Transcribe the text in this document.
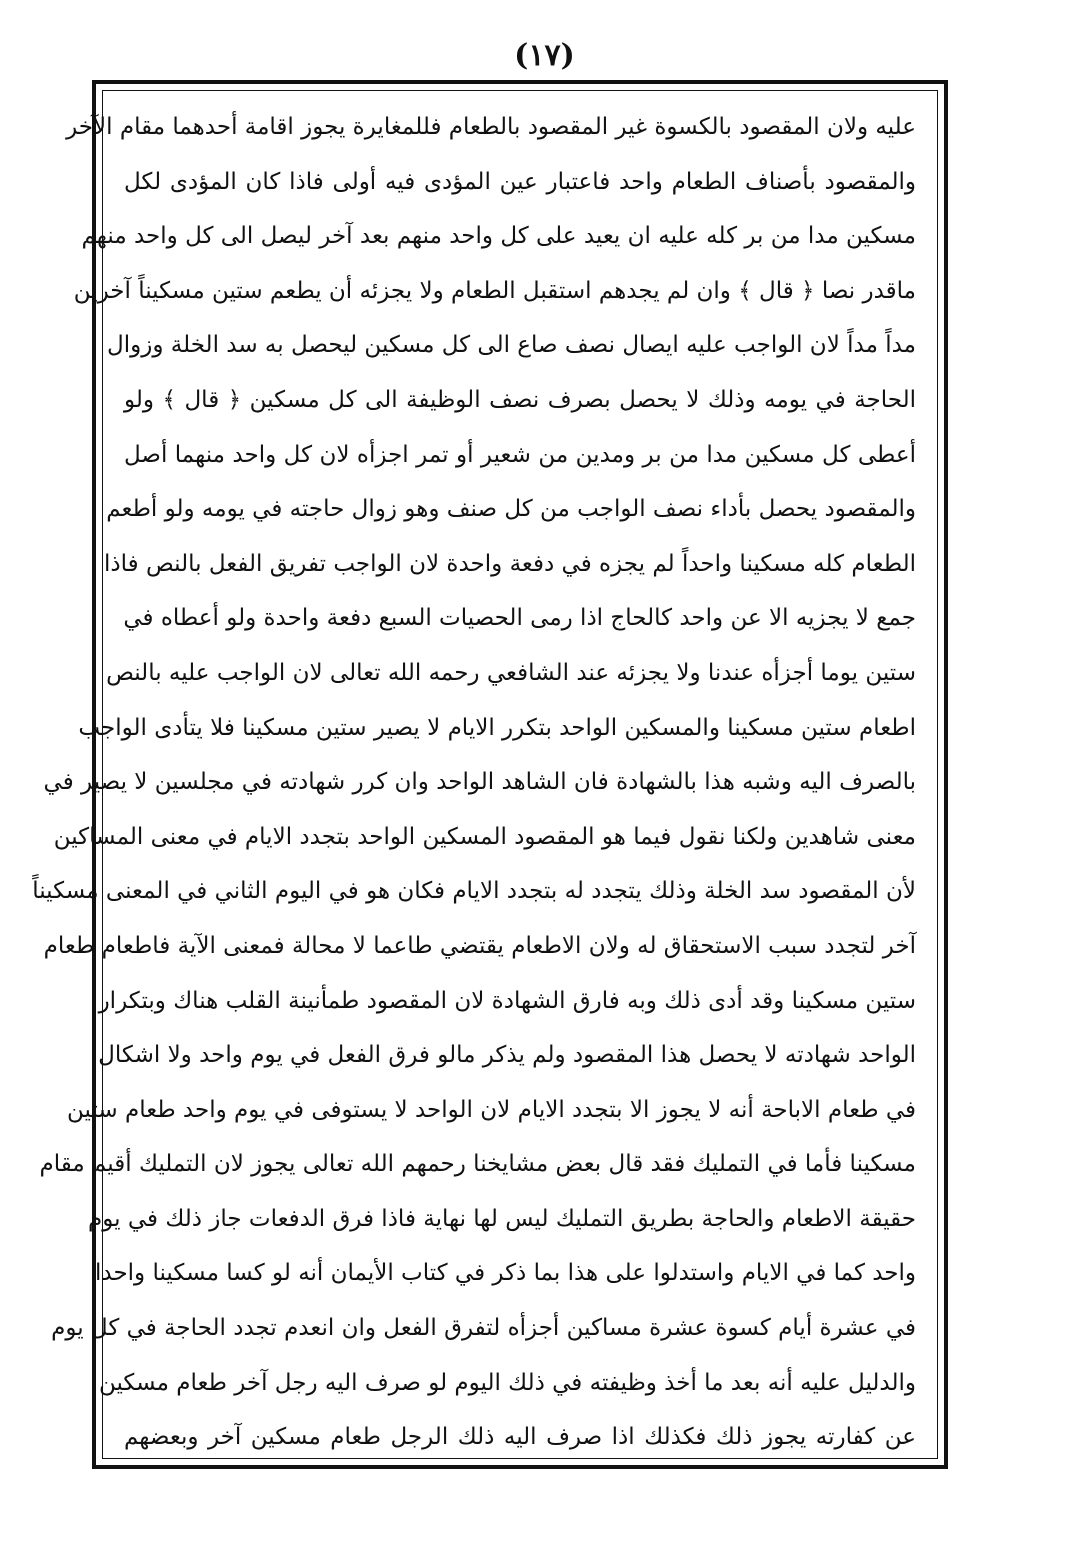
(١٧)
عليه ولان المقصود بالكسوة غير المقصود بالطعام فللمغايرة يجوز اقامة أحدهما مقام الآخر
والمقصود بأصناف الطعام واحد فاعتبار عين المؤدى فيه أولى فاذا كان المؤدى لكل
مسكين مدا من بر كله عليه ان يعيد على كل واحد منهم بعد آخر ليصل الى كل واحد منهم
ماقدر نصا ﴿ قال ﴾ وان لم يجدهم استقبل الطعام ولا يجزئه أن يطعم ستين مسكيناً آخرين
مداً مداً لان الواجب عليه ايصال نصف صاع الى كل مسكين ليحصل به سد الخلة وزوال
الحاجة في يومه وذلك لا يحصل بصرف نصف الوظيفة الى كل مسكين ﴿ قال ﴾ ولو
أعطى كل مسكين مدا من بر ومدين من شعير أو تمر اجزأه لان كل واحد منهما أصل
والمقصود يحصل بأداء نصف الواجب من كل صنف وهو زوال حاجته في يومه ولو أطعم
الطعام كله مسكينا واحداً لم يجزه في دفعة واحدة لان الواجب تفريق الفعل بالنص فاذا
جمع لا يجزيه الا عن واحد كالحاج اذا رمى الحصيات السبع دفعة واحدة ولو أعطاه في
ستين يوما أجزأه عندنا ولا يجزئه عند الشافعي رحمه الله تعالى لان الواجب عليه بالنص
اطعام ستين مسكينا والمسكين الواحد بتكرر الايام لا يصير ستين مسكينا فلا يتأدى الواجب
بالصرف اليه وشبه هذا بالشهادة فان الشاهد الواحد وان كرر شهادته في مجلسين لا يصير في
معنى شاهدين ولكنا نقول فيما هو المقصود المسكين الواحد بتجدد الايام في معنى المساكين
لأن المقصود سد الخلة وذلك يتجدد له بتجدد الايام فكان هو في اليوم الثاني في المعنى مسكيناً
آخر لتجدد سبب الاستحقاق له ولان الاطعام يقتضي طاعما لا محالة فمعنى الآية فاطعام طعام
ستين مسكينا وقد أدى ذلك وبه فارق الشهادة لان المقصود طمأنينة القلب هناك وبتكرار
الواحد شهادته لا يحصل هذا المقصود ولم يذكر مالو فرق الفعل في يوم واحد ولا اشكال
في طعام الاباحة أنه لا يجوز الا بتجدد الايام لان الواحد لا يستوفى في يوم واحد طعام ستين
مسكينا فأما في التمليك فقد قال بعض مشايخنا رحمهم الله تعالى يجوز لان التمليك أقيم مقام
حقيقة الاطعام والحاجة بطريق التمليك ليس لها نهاية فاذا فرق الدفعات جاز ذلك في يوم
واحد كما في الايام واستدلوا على هذا بما ذكر في كتاب الأيمان أنه لو كسا مسكينا واحدا
في عشرة أيام كسوة عشرة مساكين أجزأه لتفرق الفعل وان انعدم تجدد الحاجة في كل يوم
والدليل عليه أنه بعد ما أخذ وظيفته في ذلك اليوم لو صرف اليه رجل آخر طعام مسكين
عن كفارته يجوز ذلك فكذلك اذا صرف اليه ذلك الرجل طعام مسكين آخر وبعضهم
